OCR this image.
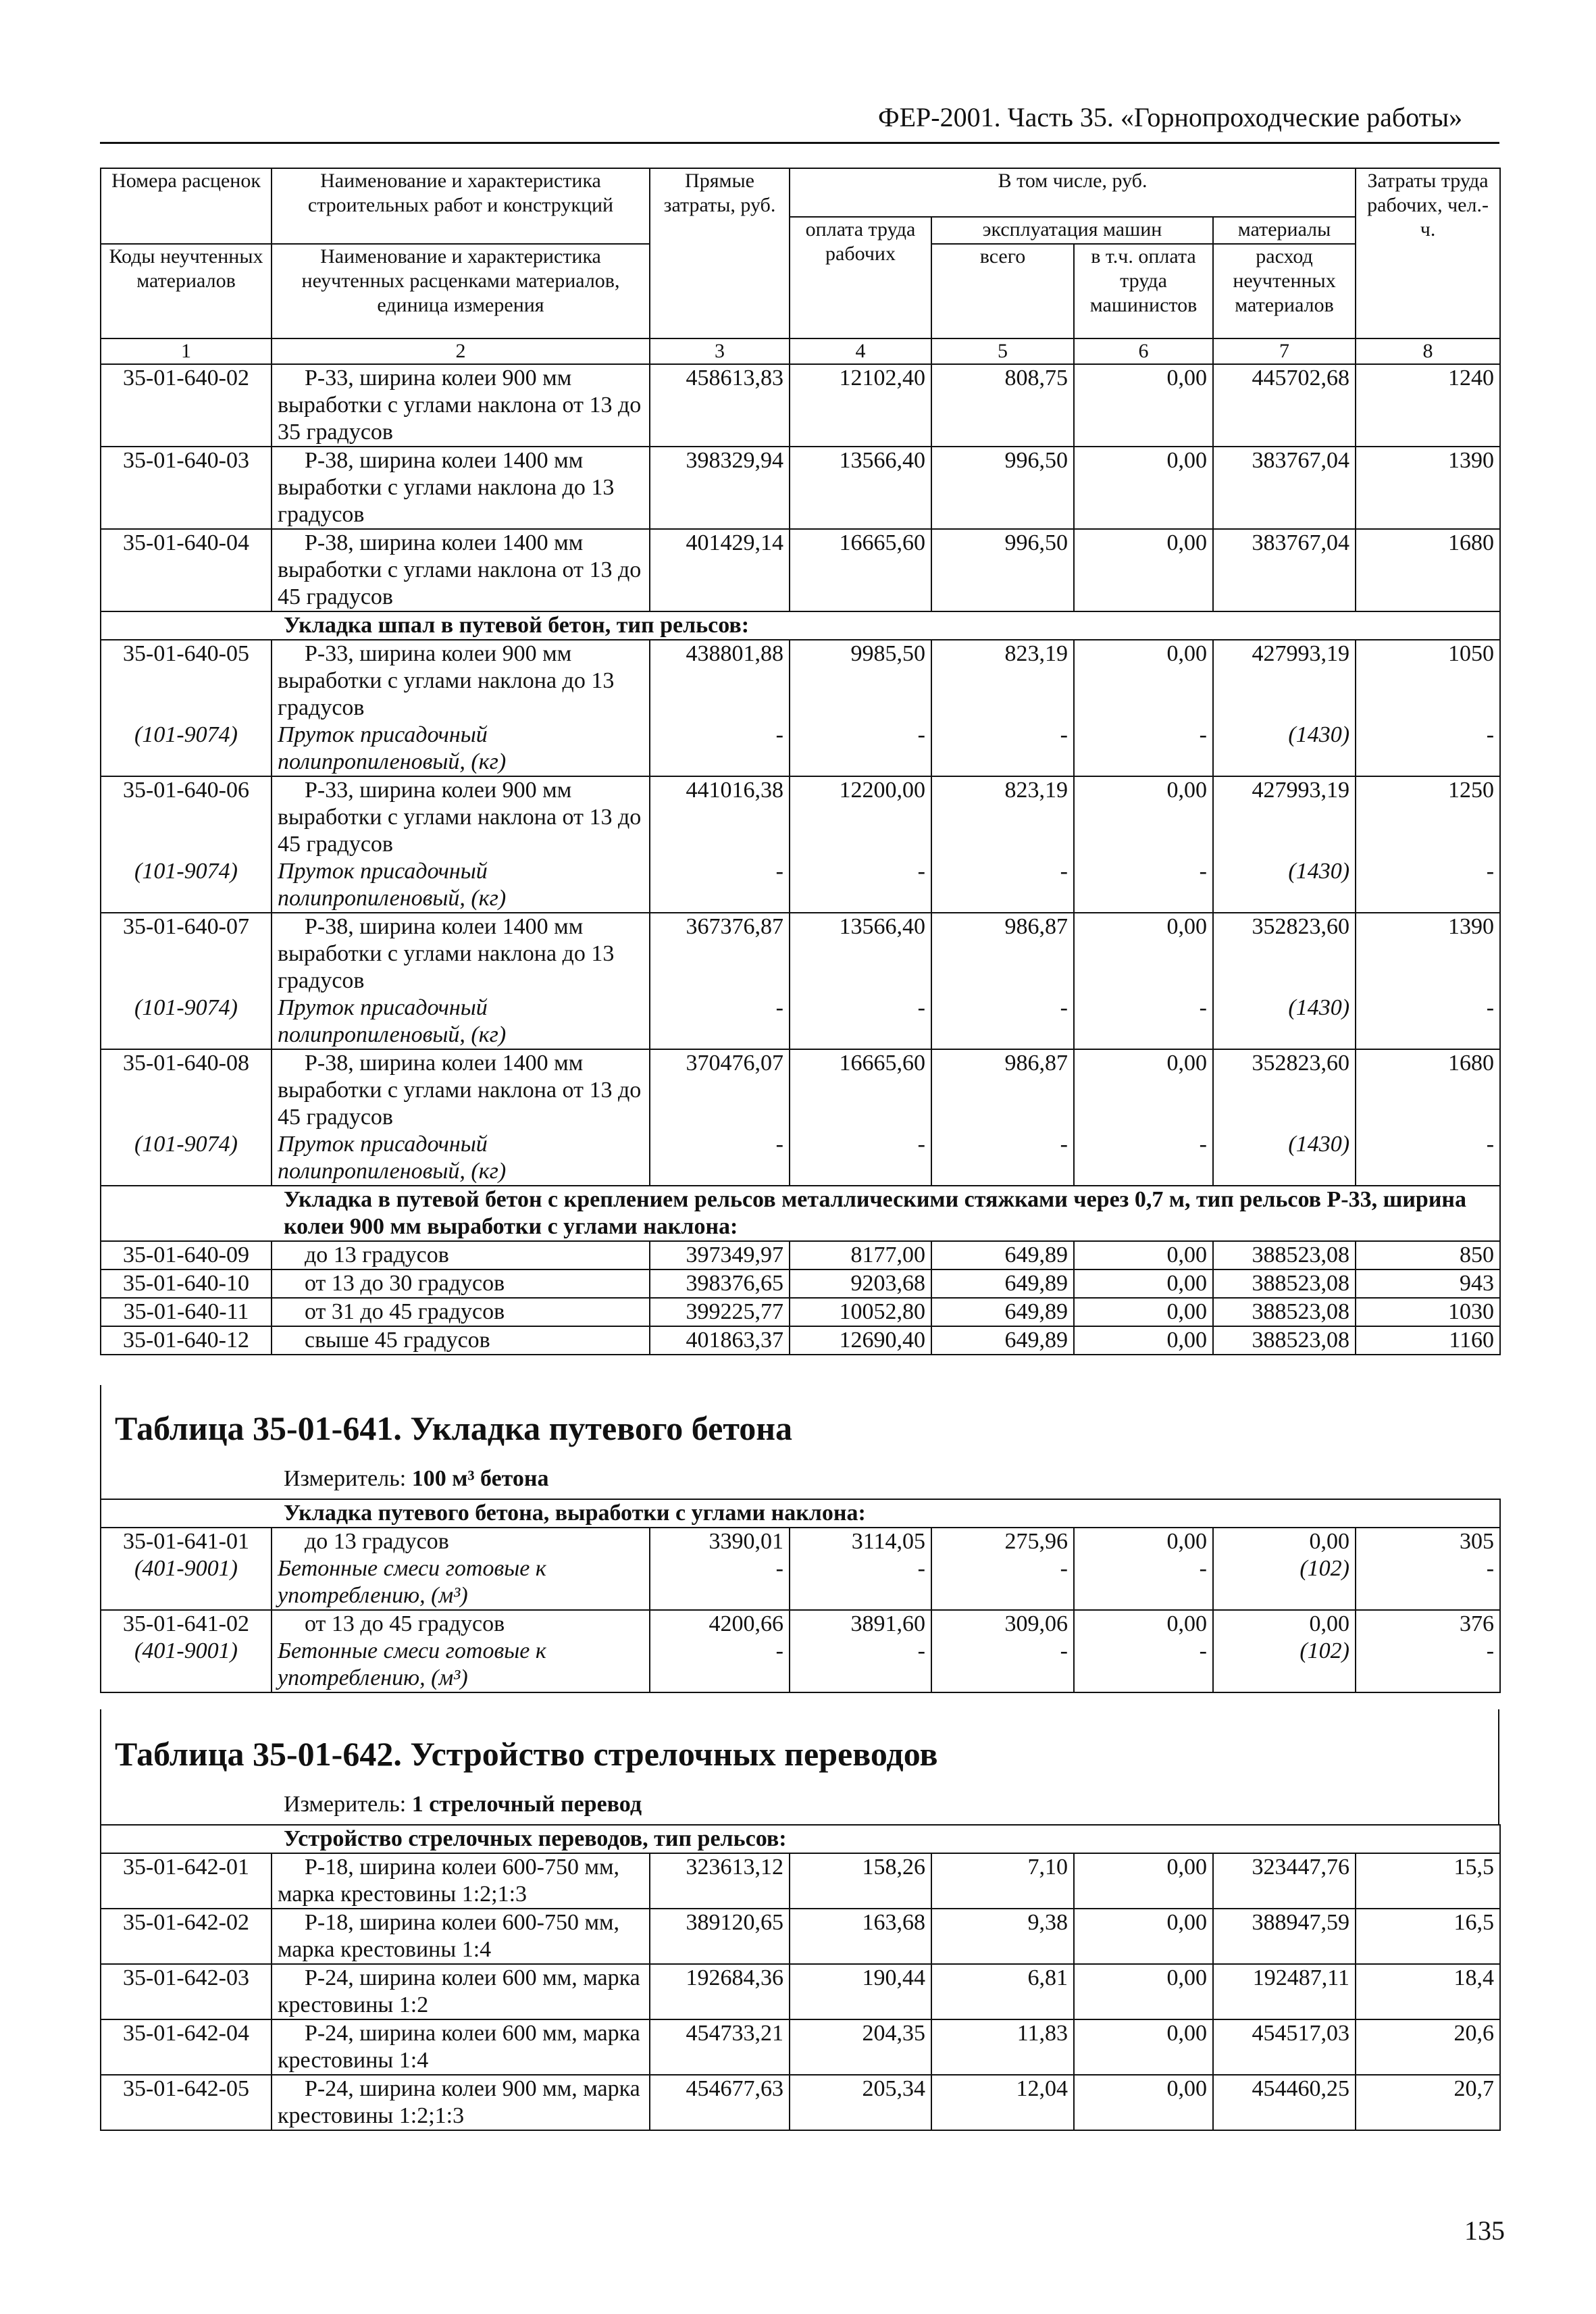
ФЕР-2001. Часть 35. «Горнопроходческие работы»
Номера расценок	Наименование и характеристика строительных работ и конструкций	Прямые затраты, руб.	В том числе, руб.				Затраты труда рабочих, чел.-ч.
			оплата труда рабочих	эксплуатация машин		материалы	
Коды неучтенных материалов	Наименование и характеристика неучтенных расценками материалов, единица измерения			всего	в т.ч. оплата труда машинистов	расход неучтенных материалов	

1	2	3	4	5	6	7	8
35-01-640-02	Р-33, ширина колеи 900 мм выработки с углами наклона от 13 до 35 градусов	458613,83	12102,40	808,75	0,00	445702,68	1240
35-01-640-03	Р-38, ширина колеи 1400 мм выработки с углами наклона до 13 градусов	398329,94	13566,40	996,50	0,00	383767,04	1390
35-01-640-04	Р-38, ширина колеи 1400 мм выработки с углами наклона от 13 до 45 градусов	401429,14	16665,60	996,50	0,00	383767,04	1680
Укладка шпал в путевой бетон, тип рельсов:							
35-01-640-05	Р-33, ширина колеи 900 мм выработки с углами наклона до 13 градусов	438801,88	9985,50	823,19	0,00	427993,19	1050
(101-9074)	Пруток присадочный полипропиленовый, (кг)	-	-	-	-	(1430)	-
35-01-640-06	Р-33, ширина колеи 900 мм выработки с углами наклона от 13 до 45 градусов	441016,38	12200,00	823,19	0,00	427993,19	1250
(101-9074)	Пруток присадочный полипропиленовый, (кг)	-	-	-	-	(1430)	-
35-01-640-07	Р-38, ширина колеи 1400 мм выработки с углами наклона до 13 градусов	367376,87	13566,40	986,87	0,00	352823,60	1390
(101-9074)	Пруток присадочный полипропиленовый, (кг)	-	-	-	-	(1430)	-
35-01-640-08	Р-38, ширина колеи 1400 мм выработки с углами наклона от 13 до 45 градусов	370476,07	16665,60	986,87	0,00	352823,60	1680
(101-9074)	Пруток присадочный полипропиленовый, (кг)	-	-	-	-	(1430)	-
Укладка в путевой бетон с креплением рельсов металлическими стяжками через 0,7 м, тип рельсов Р-33, ширина колеи 900 мм выработки с углами наклона:							
35-01-640-09	до 13 градусов	397349,97	8177,00	649,89	0,00	388523,08	850
35-01-640-10	от 13 до 30 градусов	398376,65	9203,68	649,89	0,00	388523,08	943
35-01-640-11	от 31 до 45 градусов	399225,77	10052,80	649,89	0,00	388523,08	1030
35-01-640-12	свыше 45 градусов	401863,37	12690,40	649,89	0,00	388523,08	1160
Таблица 35-01-641. Укладка путевого бетона
Измеритель: 100 м³ бетона
Укладка путевого бетона, выработки с углами наклона:							
35-01-641-01	до 13 градусов	3390,01	3114,05	275,96	0,00	0,00	305
(401-9001)	Бетонные смеси готовые к употреблению, (м³)	-	-	-	-	(102)	-
35-01-641-02	от 13 до 45 градусов	4200,66	3891,60	309,06	0,00	0,00	376
(401-9001)	Бетонные смеси готовые к употреблению, (м³)	-	-	-	-	(102)	-
Таблица 35-01-642. Устройство стрелочных переводов
Измеритель: 1 стрелочный перевод
Устройство стрелочных переводов, тип рельсов:							
35-01-642-01	Р-18, ширина колеи 600-750 мм, марка крестовины 1:2;1:3	323613,12	158,26	7,10	0,00	323447,76	15,5
35-01-642-02	Р-18, ширина колеи 600-750 мм, марка крестовины 1:4	389120,65	163,68	9,38	0,00	388947,59	16,5
35-01-642-03	Р-24, ширина колеи 600 мм, марка крестовины 1:2	192684,36	190,44	6,81	0,00	192487,11	18,4
35-01-642-04	Р-24, ширина колеи 600 мм, марка крестовины 1:4	454733,21	204,35	11,83	0,00	454517,03	20,6
35-01-642-05	Р-24, ширина колеи 900 мм, марка крестовины 1:2;1:3	454677,63	205,34	12,04	0,00	454460,25	20,7
135
